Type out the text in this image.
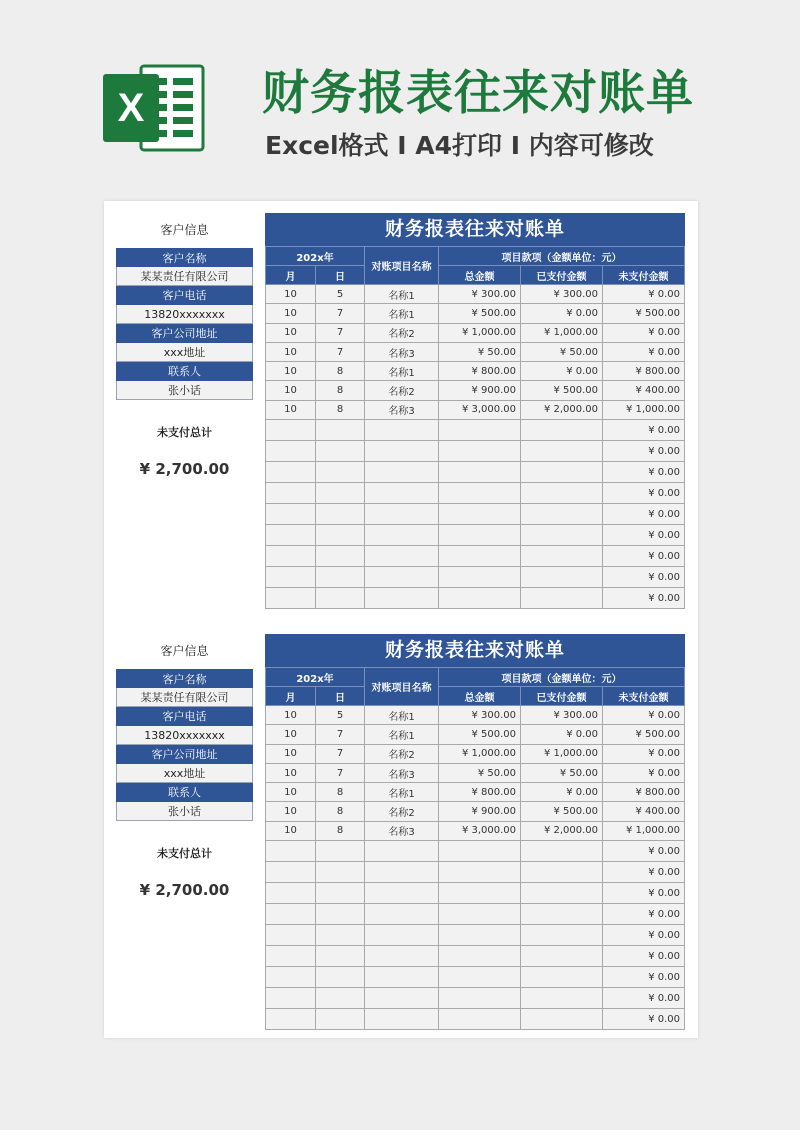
X	财务报表往来对账单
Excel格式 I A4打印 I 内容可修改
客户信息
客户名称
某某责任有限公司
客户电话
13820xxxxxxx
客户公司地址
xxx地址
联系人
张小话
未支付总计
¥ 2,700.00
财务报表往来对账单
202x年		对账项目名称	项目款项（金额单位：元）		
月	日		总金额	已支付金额	未支付金额
10	5	名称1	¥ 300.00	¥ 300.00	¥ 0.00
10	7	名称1	¥ 500.00	¥ 0.00	¥ 500.00
10	7	名称2	¥ 1,000.00	¥ 1,000.00	¥ 0.00
10	7	名称3	¥ 50.00	¥ 50.00	¥ 0.00
10	8	名称1	¥ 800.00	¥ 0.00	¥ 800.00
10	8	名称2	¥ 900.00	¥ 500.00	¥ 400.00
10	8	名称3	¥ 3,000.00	¥ 2,000.00	¥ 1,000.00
					¥ 0.00
					¥ 0.00
					¥ 0.00
					¥ 0.00
					¥ 0.00
					¥ 0.00
					¥ 0.00
					¥ 0.00
					¥ 0.00
客户信息
客户名称
某某责任有限公司
客户电话
13820xxxxxxx
客户公司地址
xxx地址
联系人
张小话
未支付总计
¥ 2,700.00
财务报表往来对账单
202x年		对账项目名称	项目款项（金额单位：元）		
月	日		总金额	已支付金额	未支付金额
10	5	名称1	¥ 300.00	¥ 300.00	¥ 0.00
10	7	名称1	¥ 500.00	¥ 0.00	¥ 500.00
10	7	名称2	¥ 1,000.00	¥ 1,000.00	¥ 0.00
10	7	名称3	¥ 50.00	¥ 50.00	¥ 0.00
10	8	名称1	¥ 800.00	¥ 0.00	¥ 800.00
10	8	名称2	¥ 900.00	¥ 500.00	¥ 400.00
10	8	名称3	¥ 3,000.00	¥ 2,000.00	¥ 1,000.00
					¥ 0.00
					¥ 0.00
					¥ 0.00
					¥ 0.00
					¥ 0.00
					¥ 0.00
					¥ 0.00
					¥ 0.00
					¥ 0.00
